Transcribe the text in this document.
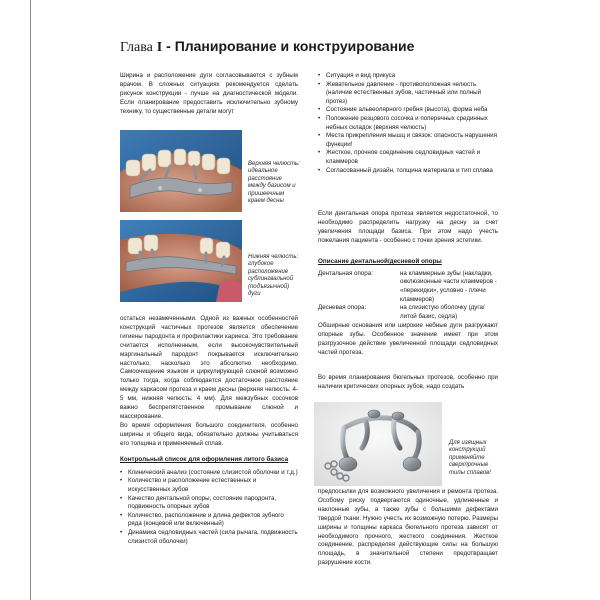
Глава I - Планирование и конструирование

Ширина и расположение дуги согласовывается с зубным врачом. В сложных ситуациях рекомендуется сделать рисунок конструкции - лучше на диагностической модели. Если планирование предоставить исключительно зубному технику, то существенные детали могут

Верхняя челюсть: идеальное расстояние между базисом и пришеечным краем десны
Нижняя челюсть: глубокое расположение сублингвальной (подъязычной) дуги

остаться незамеченными. Одной из важных особенностей конструкций частичных протезов является обеспечение гигиены пародонта и профилактики кариеса. Это требование считается исполненным, если высокочувствительный маргинальный пародонт покрывается исключительно настолько, насколько это абсолютно необходимо. Самоочищение языком и циркулирующей слюной возможно только тогда, когда соблюдается достаточное расстояние между каркасом протеза и краем десны (верхняя челюсть: 4-5 мм, нижняя челюсть: 4 мм). Для межзубных сосочков важно беспрепятственное промывание слюной и массирование.

Во время оформления большого соединителя, особенно ширины и общего вида, обязательно должны учитываться его толщина и применяемый сплав.

Контрольный список для оформления литого базиса
• Клинический анализ (состояние слизистой оболочки и т.д.)
• Количество и расположение естественных и искусственных зубов
• Качество дентальной опоры, состояние пародонта, подвижность опорных зубов
• Количество, расположение и длина дефектов зубного ряда (концевой или включенный)
• Динамика седловидных частей (сила рычага, подвижность слизистой оболочки)
• Ситуация и вид прикуса
• Жевательное давление - противоположная челюсть (наличие естественных зубов, частичный или полный протез)
• Состояние альвеолярного гребня (высота), форма неба
• Положение резцового сосочка и поперечных срединных небных складок (верхняя челюсть)
• Места прикрепления мышц и связок: опасность нарушения функции!
• Жесткое, прочное соединение седловидных частей и кламмеров
• Согласованный дизайн, толщина материала и тип сплава

Если дентальная опора протеза является недостаточной, то необходимо распределить нагрузку на десну за счет увеличения площади базиса. При этом надо учесть пожелания пациента - особенно с точки зрения эстетики.

Описание дентальной/десневой опоры
Дентальная опора:	на кламмерные зубы (накладки, окклюзионные части кламмеров - «перекидки», условно - плечи кламмеров)
Десневая опора:	на слизистую оболочку (дуга/литой базис, седла)

Обширные основания или широкие небные дуги разгружают опорные зубы. Особенное значение имеет при этом разгрузочное действие увеличенной площади седловидных частей протеза.

Во время планирования бюгельных протезов, особенно при наличии критических опорных зубов, надо создать

Для изящных конструкций применяйте сверхпрочные типы сплавов!

предпосылки для возможного увеличения и ремонта протеза. Особому риску подвергаются одиночные, удлиненные и наклонные зубы, а также зубы с большими дефектами твердой ткани. Нужно учесть их возможную потерю. Размеры ширины и толщины каркаса бюгельного протеза зависят от необходимого прочного, жесткого соединения. Жесткое соединение, распределяя действующие силы на большую площадь, в значительной степени предотвращает разрушение кости.
